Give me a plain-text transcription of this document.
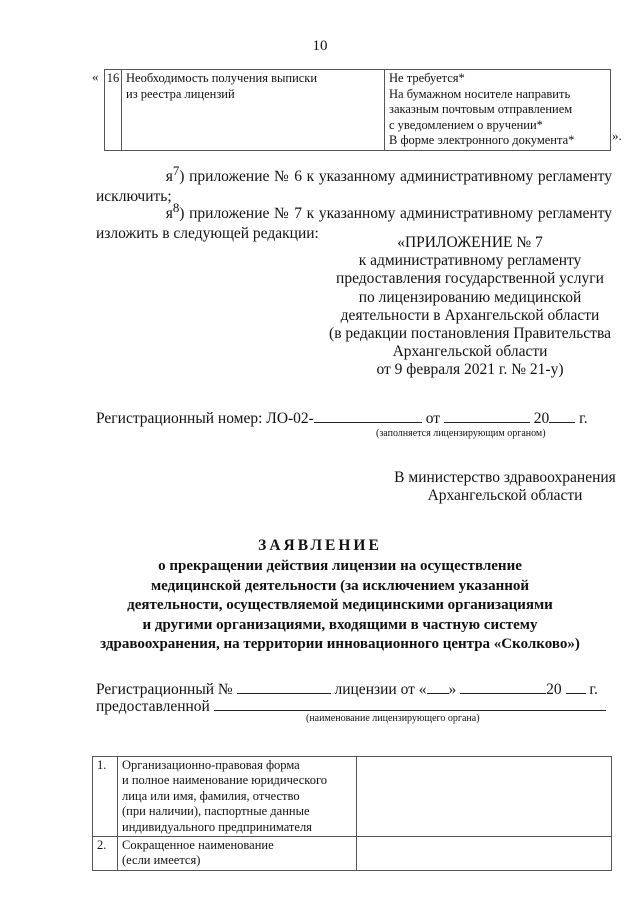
10
« 16	Необходимость получения выписки
из реестра лицензий

Не требуется*
На бумажном носителе направить
заказным почтовым отправлением
с уведомлением о вручении*
В форме электронного документа*	».
$я^7$) приложение № 6 к указанному административному регламенту
исключить;
$я^8$) приложение № 7 к указанному административному регламенту
изложить в следующей редакции:
«ПРИЛОЖЕНИЕ № 7
к административному регламенту
предоставления государственной услуги
по лицензированию медицинской
деятельности в Архангельской области
(в редакции постановления Правительства
Архангельской области
от 9 февраля 2021 г. № 21-у)
Регистрационный номер: ЛО-02-	от	20 г.
(заполняется лицензирующим органом)
В министерство здравоохранения
Архангельской области
ЗАЯВЛЕНИЕ
о прекращении действия лицензии на осуществление
медицинской деятельности (за исключением указанной
деятельности, осуществляемой медицинскими организациями
и другими организациями, входящими в частную систему
здравоохранения, на территории инновационного центра «Сколково»)
Регистрационный №	лицензии от « »	20 г.
предоставленной
(наименование лицензирующего органа)
1.	Организационно-правовая форма
и полное наименование юридического
лица или имя, фамилия, отчество
(при наличии), паспортные данные
индивидуального предпринимателя	

2.	Сокращенное наименование
(если имеется)	
